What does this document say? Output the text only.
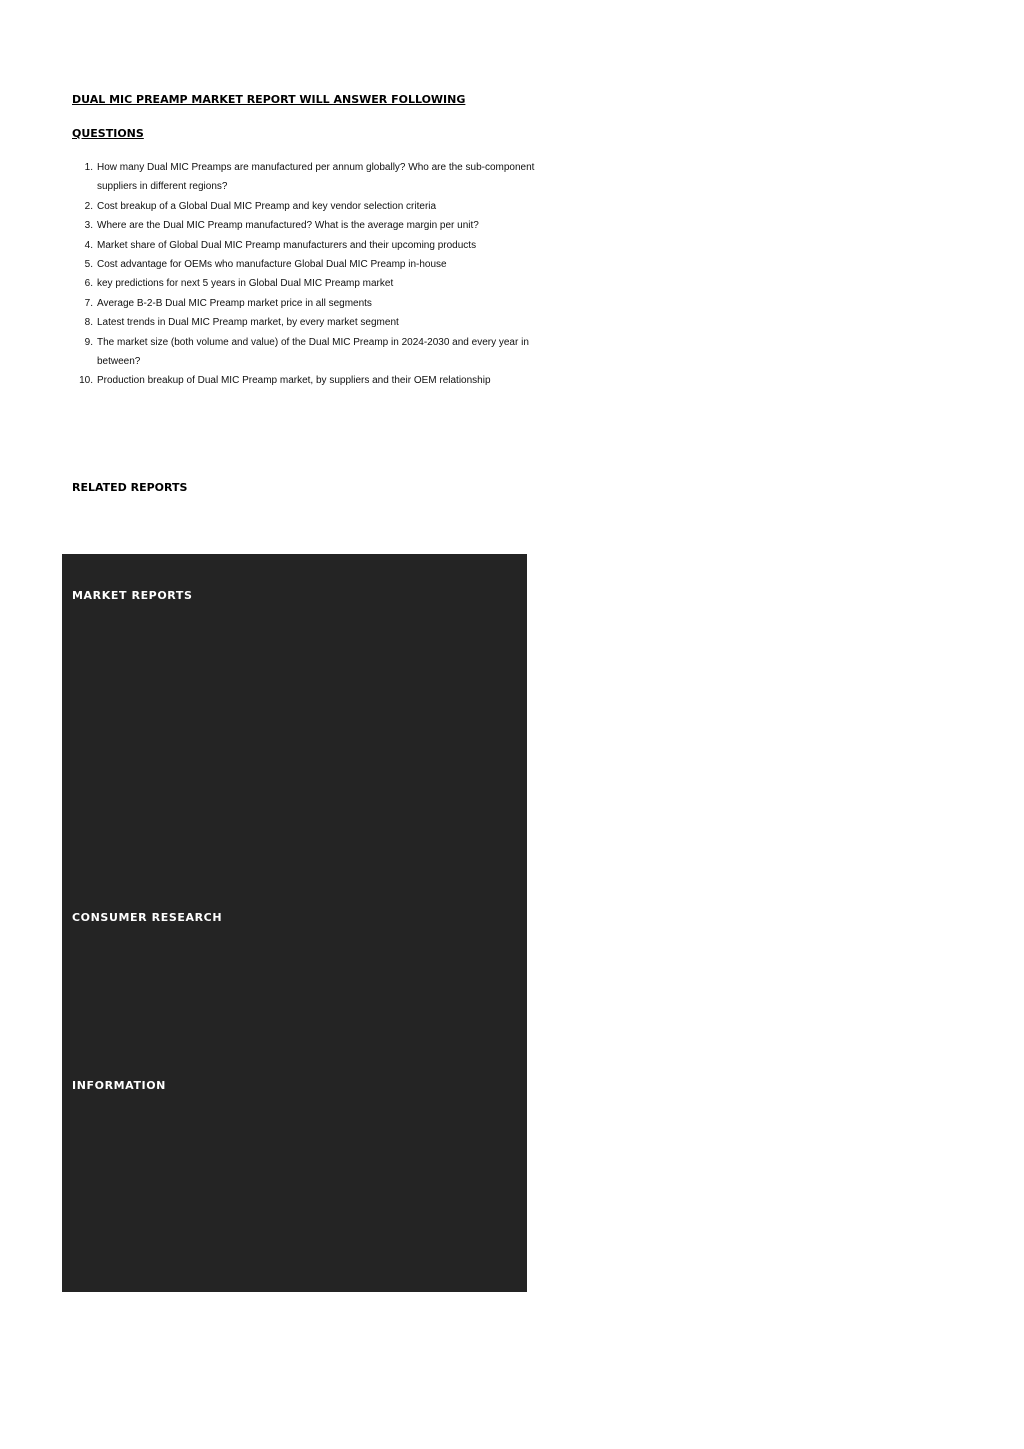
DUAL MIC PREAMP MARKET REPORT WILL ANSWER FOLLOWING
QUESTIONS
How many Dual MIC Preamps are manufactured per annum globally? Who are the sub-component suppliers in different regions?
Cost breakup of a Global Dual MIC Preamp and key vendor selection criteria
Where are the Dual MIC Preamp manufactured? What is the average margin per unit?
Market share of Global Dual MIC Preamp manufacturers and their upcoming products
Cost advantage for OEMs who manufacture Global Dual MIC Preamp in-house
key predictions for next 5 years in Global Dual MIC Preamp market
Average B-2-B Dual MIC Preamp market price in all segments
Latest trends in Dual MIC Preamp market, by every market segment
The market size (both volume and value) of the Dual MIC Preamp in 2024-2030 and every year in between?
Production breakup of Dual MIC Preamp market, by suppliers and their OEM relationship
RELATED REPORTS
MARKET REPORTS
CONSUMER RESEARCH
INFORMATION
